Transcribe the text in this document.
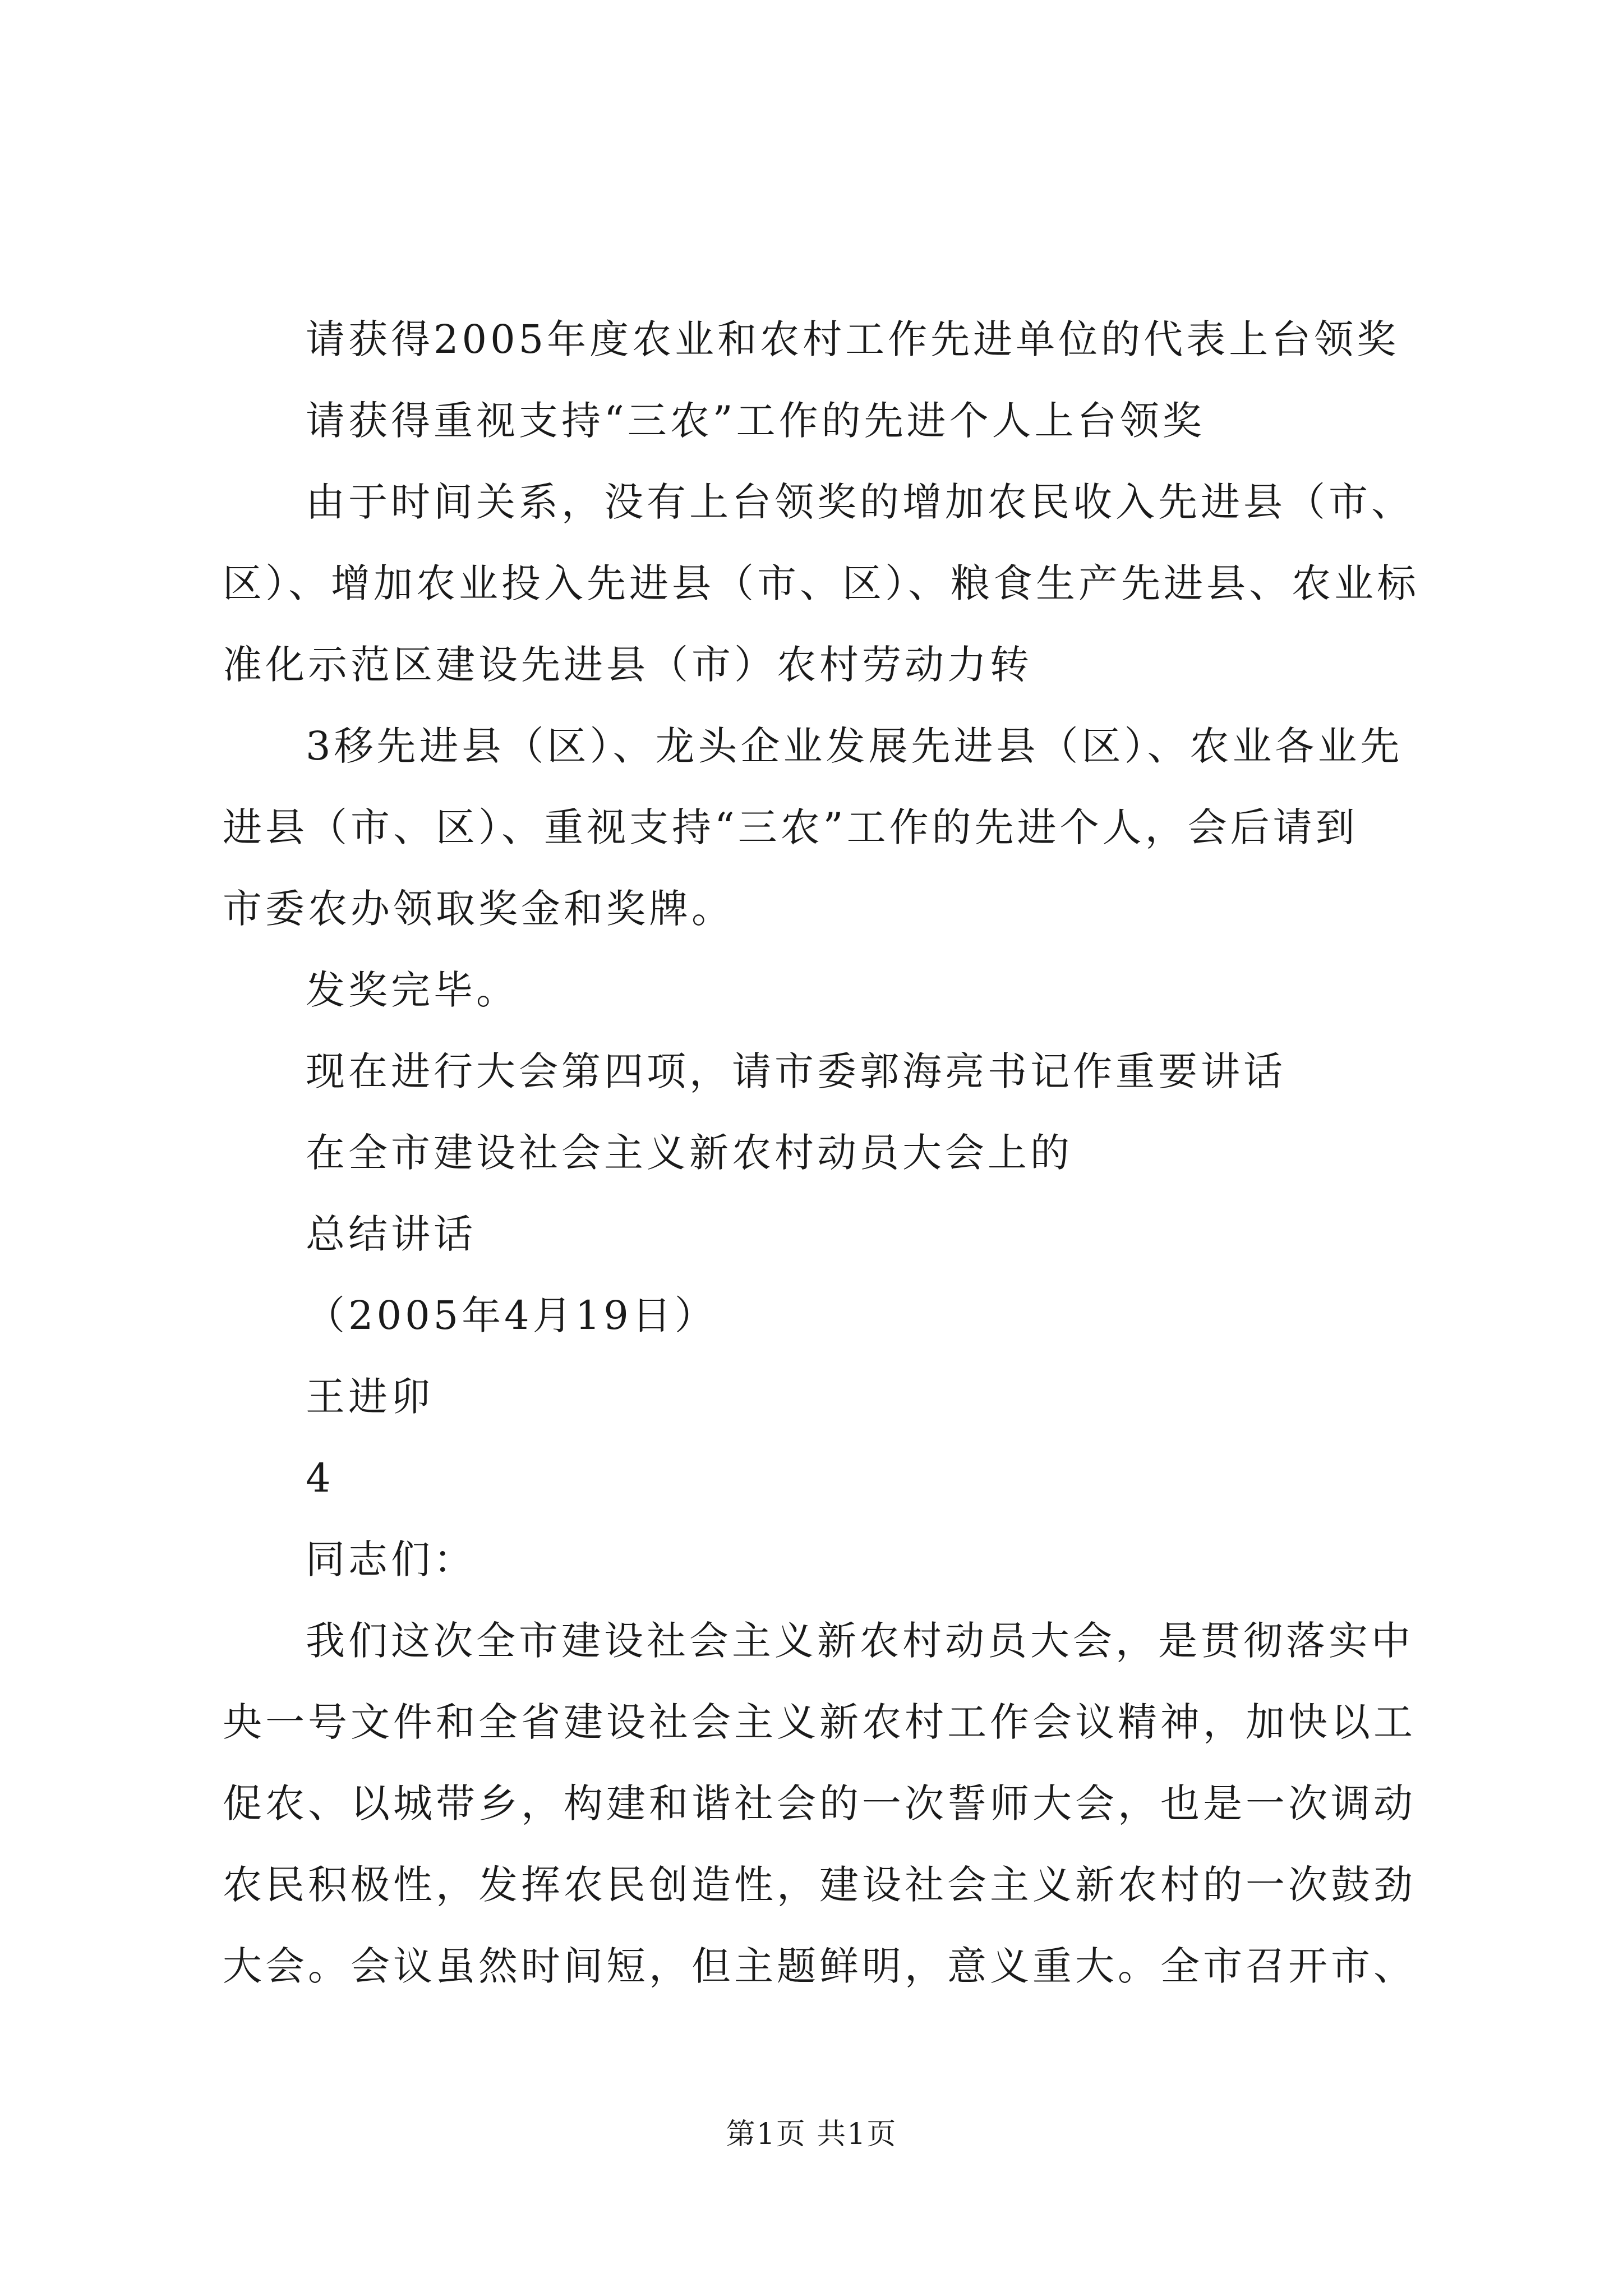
请获得2005年度农业和农村工作先进单位的代表上台领奖
请获得重视支持“三农”工作的先进个人上台领奖
由于时间关系，没有上台领奖的增加农民收入先进县（市、
区）、增加农业投入先进县（市、区）、粮食生产先进县、农业标
准化示范区建设先进县（市）农村劳动力转
3移先进县（区）、龙头企业发展先进县（区）、农业各业先
进县（市、区）、重视支持“三农”工作的先进个人，会后请到
市委农办领取奖金和奖牌。
发奖完毕。
现在进行大会第四项，请市委郭海亮书记作重要讲话
在全市建设社会主义新农村动员大会上的
总结讲话
（2005年4月19日）
王进卯
4
同志们：
我们这次全市建设社会主义新农村动员大会，是贯彻落实中
央一号文件和全省建设社会主义新农村工作会议精神，加快以工
促农、以城带乡，构建和谐社会的一次誓师大会，也是一次调动
农民积极性，发挥农民创造性，建设社会主义新农村的一次鼓劲
大会。会议虽然时间短，但主题鲜明，意义重大。全市召开市、
第1页 共1页
